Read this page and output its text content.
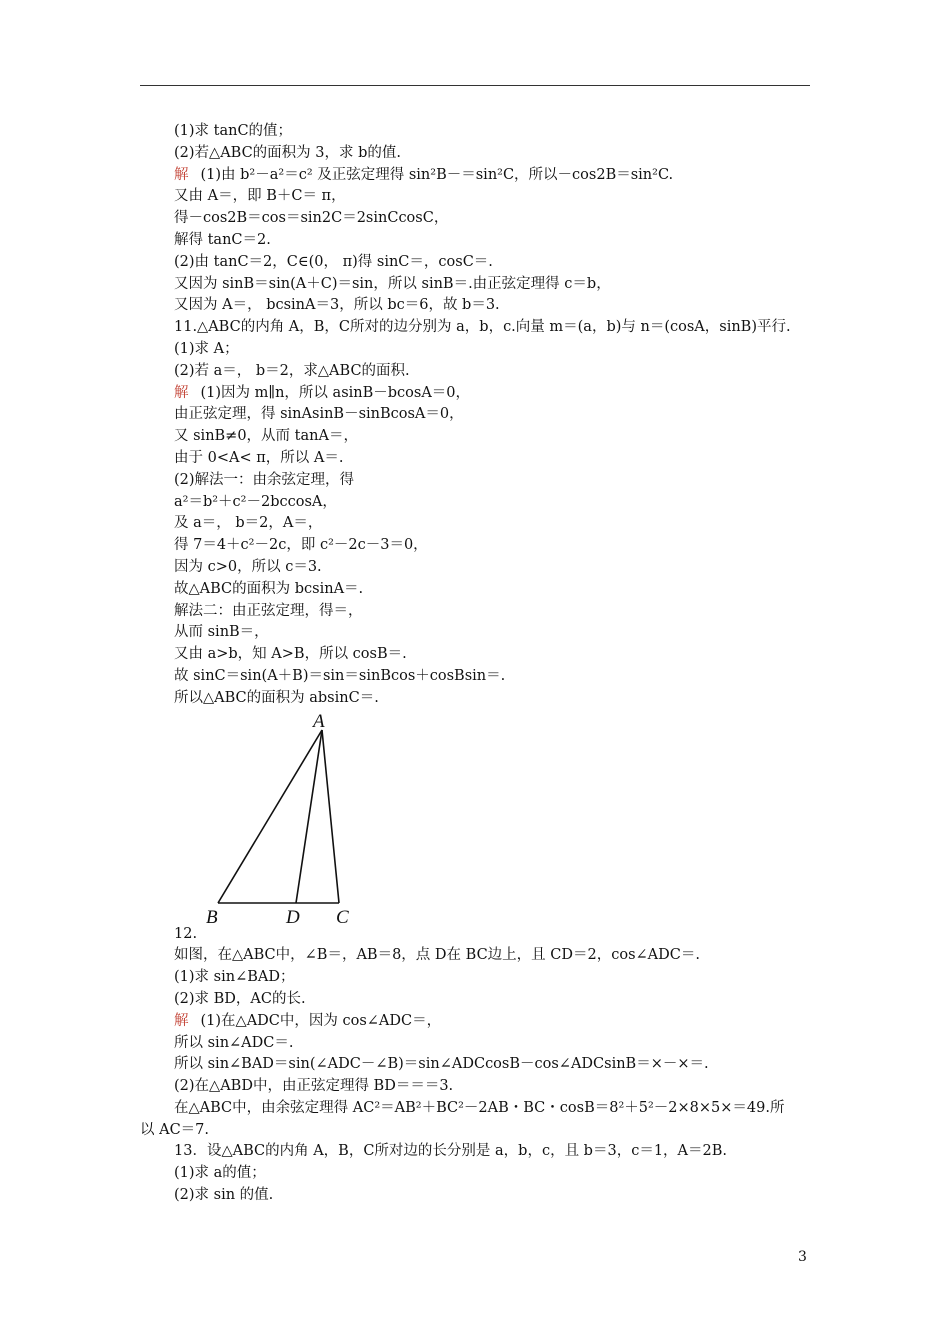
(1)求 tanC的值；
(2)若△ABC的面积为 3，求 b的值.
解 (1)由 b²－a²＝c² 及正弦定理得 sin²B－＝sin²C，所以－cos2B＝sin²C.
又由 A＝，即 B＋C＝ π，
得－cos2B＝cos＝sin2C＝2sinCcosC，
解得 tanC＝2.
(2)由 tanC＝2，C∈(0， π)得 sinC＝，cosC＝.
又因为 sinB＝sin(A＋C)＝sin，所以 sinB＝.由正弦定理得 c＝b，
又因为 A＝， bcsinA＝3，所以 bc＝6，故 b＝3.
11.△ABC的内角 A，B，C所对的边分别为 a，b，c.向量 m＝(a，b)与 n＝(cosA，sinB)平行.
(1)求 A；
(2)若 a＝， b＝2，求△ABC的面积.
解 (1)因为 m∥n，所以 asinB－bcosA＝0，
由正弦定理，得 sinAsinB－sinBcosA＝0，
又 sinB≠0，从而 tanA＝，
由于 0<A< π，所以 A＝.
(2)解法一：由余弦定理，得
a²＝b²＋c²－2bccosA，
及 a＝， b＝2，A＝，
得 7＝4＋c²－2c，即 c²－2c－3＝0，
因为 c>0，所以 c＝3.
故△ABC的面积为 bcsinA＝.
解法二：由正弦定理，得＝，
从而 sinB＝，
又由 a>b，知 A>B，所以 cosB＝.
故 sinC＝sin(A＋B)＝sin＝sinBcos＋cosBsin＝.
所以△ABC的面积为 absinC＝.
A
B	D C
12.
如图，在△ABC中，∠B＝，AB＝8，点 D在 BC边上，且 CD＝2，cos∠ADC＝.
(1)求 sin∠BAD；
(2)求 BD，AC的长.
解 (1)在△ADC中，因为 cos∠ADC＝，
所以 sin∠ADC＝.
所以 sin∠BAD＝sin(∠ADC－∠B)＝sin∠ADCcosB－cos∠ADCsinB＝×－×＝.
(2)在△ABD中，由正弦定理得 BD＝＝＝3.
在△ABC中，由余弦定理得 AC²＝AB²＋BC²－2AB・BC・cosB＝8²＋5²－2×8×5×＝49.所
以 AC＝7.
13．设△ABC的内角 A，B，C所对边的长分别是 a，b，c，且 b＝3，c＝1，A＝2B.
(1)求 a的值；
(2)求 sin 的值.
3
